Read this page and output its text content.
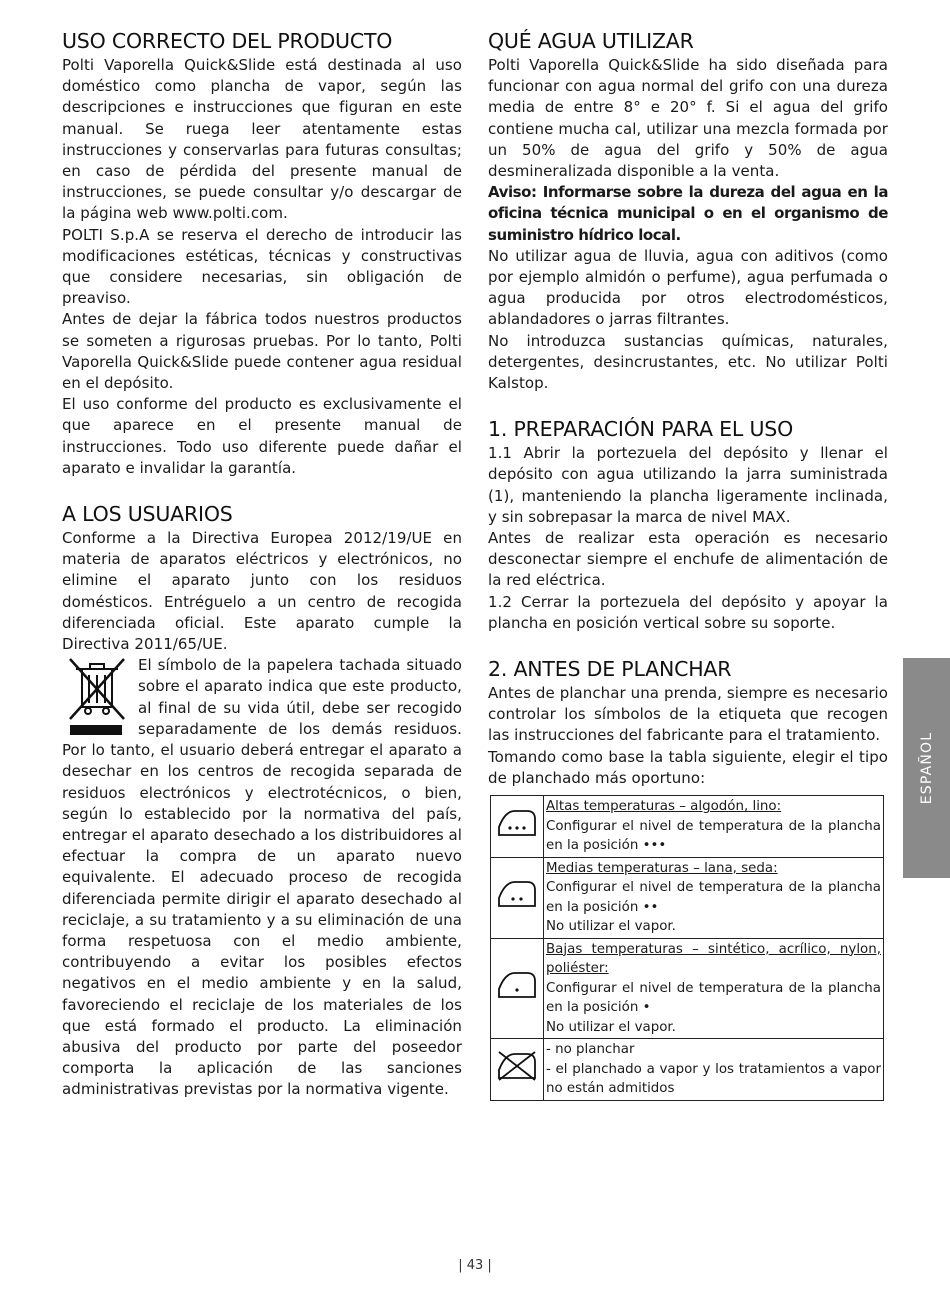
USO CORRECTO DEL PRODUCTO

Polti Vaporella Quick&Slide está destinada al uso doméstico como plancha de vapor, según las descripciones e instrucciones que figuran en este manual. Se ruega leer atentamente estas instrucciones y conservarlas para futuras consultas; en caso de pérdida del presente manual de instrucciones, se puede consultar y/o descargar de la página web www.polti.com.

POLTI S.p.A se reserva el derecho de introducir las modificaciones estéticas, técnicas y constructivas que considere necesarias, sin obligación de preaviso.

Antes de dejar la fábrica todos nuestros productos se someten a rigurosas pruebas. Por lo tanto, Polti Vaporella Quick&Slide puede contener agua residual en el depósito.

El uso conforme del producto es exclusivamente el que aparece en el presente manual de instrucciones. Todo uso diferente puede dañar el aparato e invalidar la garantía.

A LOS USUARIOS

Conforme a la Directiva Europea 2012/19/UE en materia de aparatos eléctricos y electrónicos, no elimine el aparato junto con los residuos domésticos. Entréguelo a un centro de recogida diferenciada oficial. Este aparato cumple la Directiva 2011/65/UE.

El símbolo de la papelera tachada situado sobre el aparato indica que este producto, al final de su vida útil, debe ser recogido separadamente de los demás residuos. Por lo tanto, el usuario deberá entregar el aparato a desechar en los centros de recogida separada de residuos electrónicos y electrotécnicos, o bien, según lo establecido por la normativa del país, entregar el aparato desechado a los distribuidores al efectuar la compra de un aparato nuevo equivalente. El adecuado proceso de recogida diferenciada permite dirigir el aparato desechado al reciclaje, a su tratamiento y a su eliminación de una forma respetuosa con el medio ambiente, contribuyendo a evitar los posibles efectos negativos en el medio ambiente y en la salud, favoreciendo el reciclaje de los materiales de los que está formado el producto. La eliminación abusiva del producto por parte del poseedor comporta la aplicación de las sanciones administrativas previstas por la normativa vigente.

QUÉ AGUA UTILIZAR

Polti Vaporella Quick&Slide ha sido diseñada para funcionar con agua normal del grifo con una dureza media de entre 8° e 20° f. Si el agua del grifo contiene mucha cal, utilizar una mezcla formada por un 50% de agua del grifo y 50% de agua desmineralizada disponible a la venta.

Aviso: Informarse sobre la dureza del agua en la oficina técnica municipal o en el organismo de suministro hídrico local.

No utilizar agua de lluvia, agua con aditivos (como por ejemplo almidón o perfume), agua perfumada o agua producida por otros electrodomésticos, ablandadores o jarras filtrantes.

No introduzca sustancias químicas, naturales, detergentes, desincrustantes, etc. No utilizar Polti Kalstop.

1. PREPARACIÓN PARA EL USO

1.1 Abrir la portezuela del depósito y llenar el depósito con agua utilizando la jarra suministrada (1), manteniendo la plancha ligeramente inclinada, y sin sobrepasar la marca de nivel MAX.

Antes de realizar esta operación es necesario desconectar siempre el enchufe de alimentación de la red eléctrica.

1.2 Cerrar la portezuela del depósito y apoyar la plancha en posición vertical sobre su soporte.

2. ANTES DE PLANCHAR

Antes de planchar una prenda, siempre es necesario controlar los símbolos de la etiqueta que recogen las instrucciones del fabricante para el tratamiento.

Tomando como base la tabla siguiente, elegir el tipo de planchado más oportuno:

Altas temperaturas – algodón, lino:
Configurar el nivel de temperatura de la plancha en la posición •••

Medias temperaturas – lana, seda:
Configurar el nivel de temperatura de la plancha en la posición ••
No utilizar el vapor.

Bajas temperaturas – sintético, acrílico, nylon, poliéster:
Configurar el nivel de temperatura de la plancha en la posición •
No utilizar el vapor.

- no planchar
- el planchado a vapor y los tratamientos a vapor no están admitidos
ESPAÑOL
| 43 |
